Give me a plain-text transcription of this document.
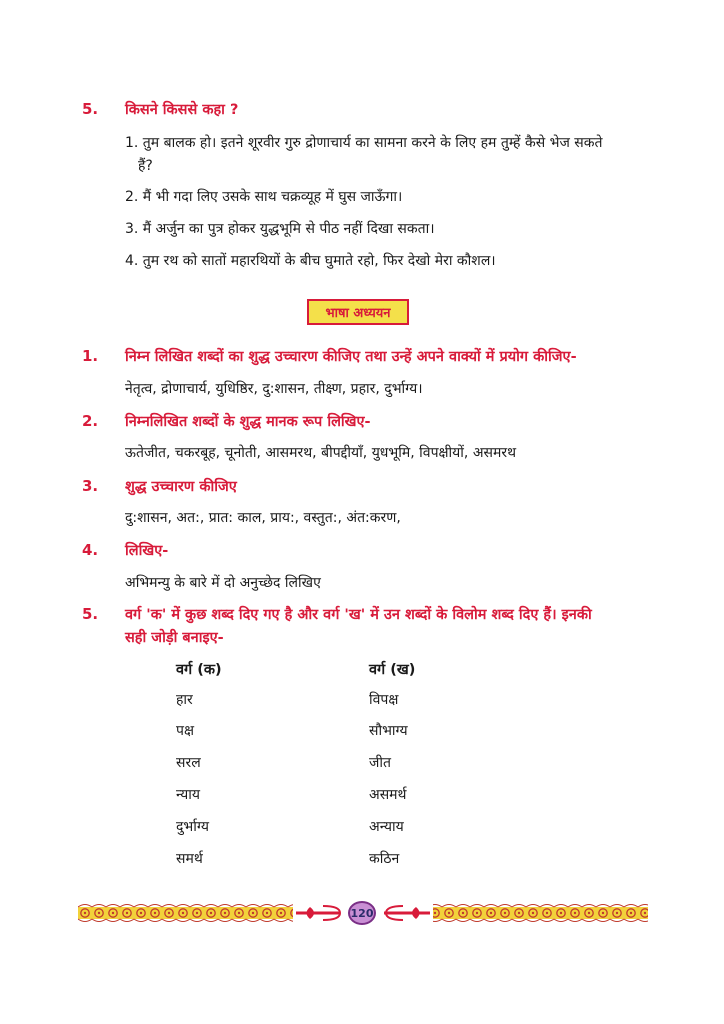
5. किसने किससे कहा ?
1. तुम बालक हो। इतने शूरवीर गुरु द्रोणाचार्य का सामना करने के लिए हम तुम्हें कैसे भेज सकते
हैं?
2. मैं भी गदा लिए उसके साथ चक्रव्यूह में घुस जाऊँगा।
3. मैं अर्जुन का पुत्र होकर युद्धभूमि से पीठ नहीं दिखा सकता।
4. तुम रथ को सातों महारथियों के बीच घुमाते रहो, फिर देखो मेरा कौशल।
भाषा अध्ययन
1. निम्न लिखित शब्दों का शुद्ध उच्चारण कीजिए तथा उन्हें अपने वाक्यों में प्रयोग कीजिए-
नेतृत्व, द्रोणाचार्य, युधिष्ठिर, दु:शासन, तीक्ष्ण, प्रहार, दुर्भाग्य।
2. निम्नलिखित शब्दों के शुद्ध मानक रूप लिखिए-
ऊतेजीत, चकरबूह, चूनोती, आसमरथ, बीपद्दीयाँ, युधभूमि, विपक्षीयों, असमरथ
3. शुद्ध उच्चारण कीजिए
दु:शासन, अत:, प्रात: काल, प्राय:, वस्तुत:, अंत:करण,
4. लिखिए-
अभिमन्यु के बारे में दो अनुच्छेद लिखिए
5. वर्ग 'क' में कुछ शब्द दिए गए है और वर्ग 'ख' में उन शब्दों के विलोम शब्द दिए हैं। इनकी
सही जोड़ी बनाइए-
वर्ग (क)	वर्ग (ख)
हार	विपक्ष
पक्ष	सौभाग्य
सरल	जीत
न्याय	असमर्थ
दुर्भाग्य	अन्याय
समर्थ	कठिन
120
